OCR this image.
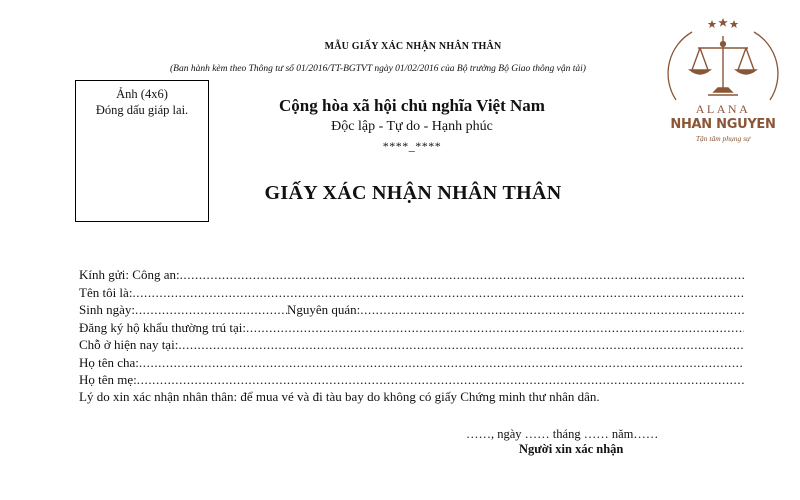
MẪU GIẤY XÁC NHẬN NHÂN THÂN
(Ban hành kèm theo Thông tư số 01/2016/TT-BGTVT ngày 01/02/2016 của Bộ trưởng Bộ Giao thông vận tải)
Ảnh (4x6)
Đóng dấu giáp lai.	Cộng hòa xã hội chủ nghĩa Việt Nam
Độc lập - Tự do - Hạnh phúc
****_****
GIẤY XÁC NHẬN NHÂN THÂN
Kính gửi: Công an:
.....
Tên tôi là:
.....
Sinh ngày:
.....	Nguyên quán:
.....
Đăng ký hộ khẩu thường trú tại:
.....
Chỗ ở hiện nay tại:
.....
Họ tên cha:
.....
Họ tên mẹ:
.....
Lý do xin xác nhận nhân thân: để mua vé và đi tàu bay do không có giấy Chứng minh thư nhân dân.
……, ngày …… tháng …… năm……
Người xin xác nhận
ALANA
NHAN NGUYEN
Tận tâm phụng sự
